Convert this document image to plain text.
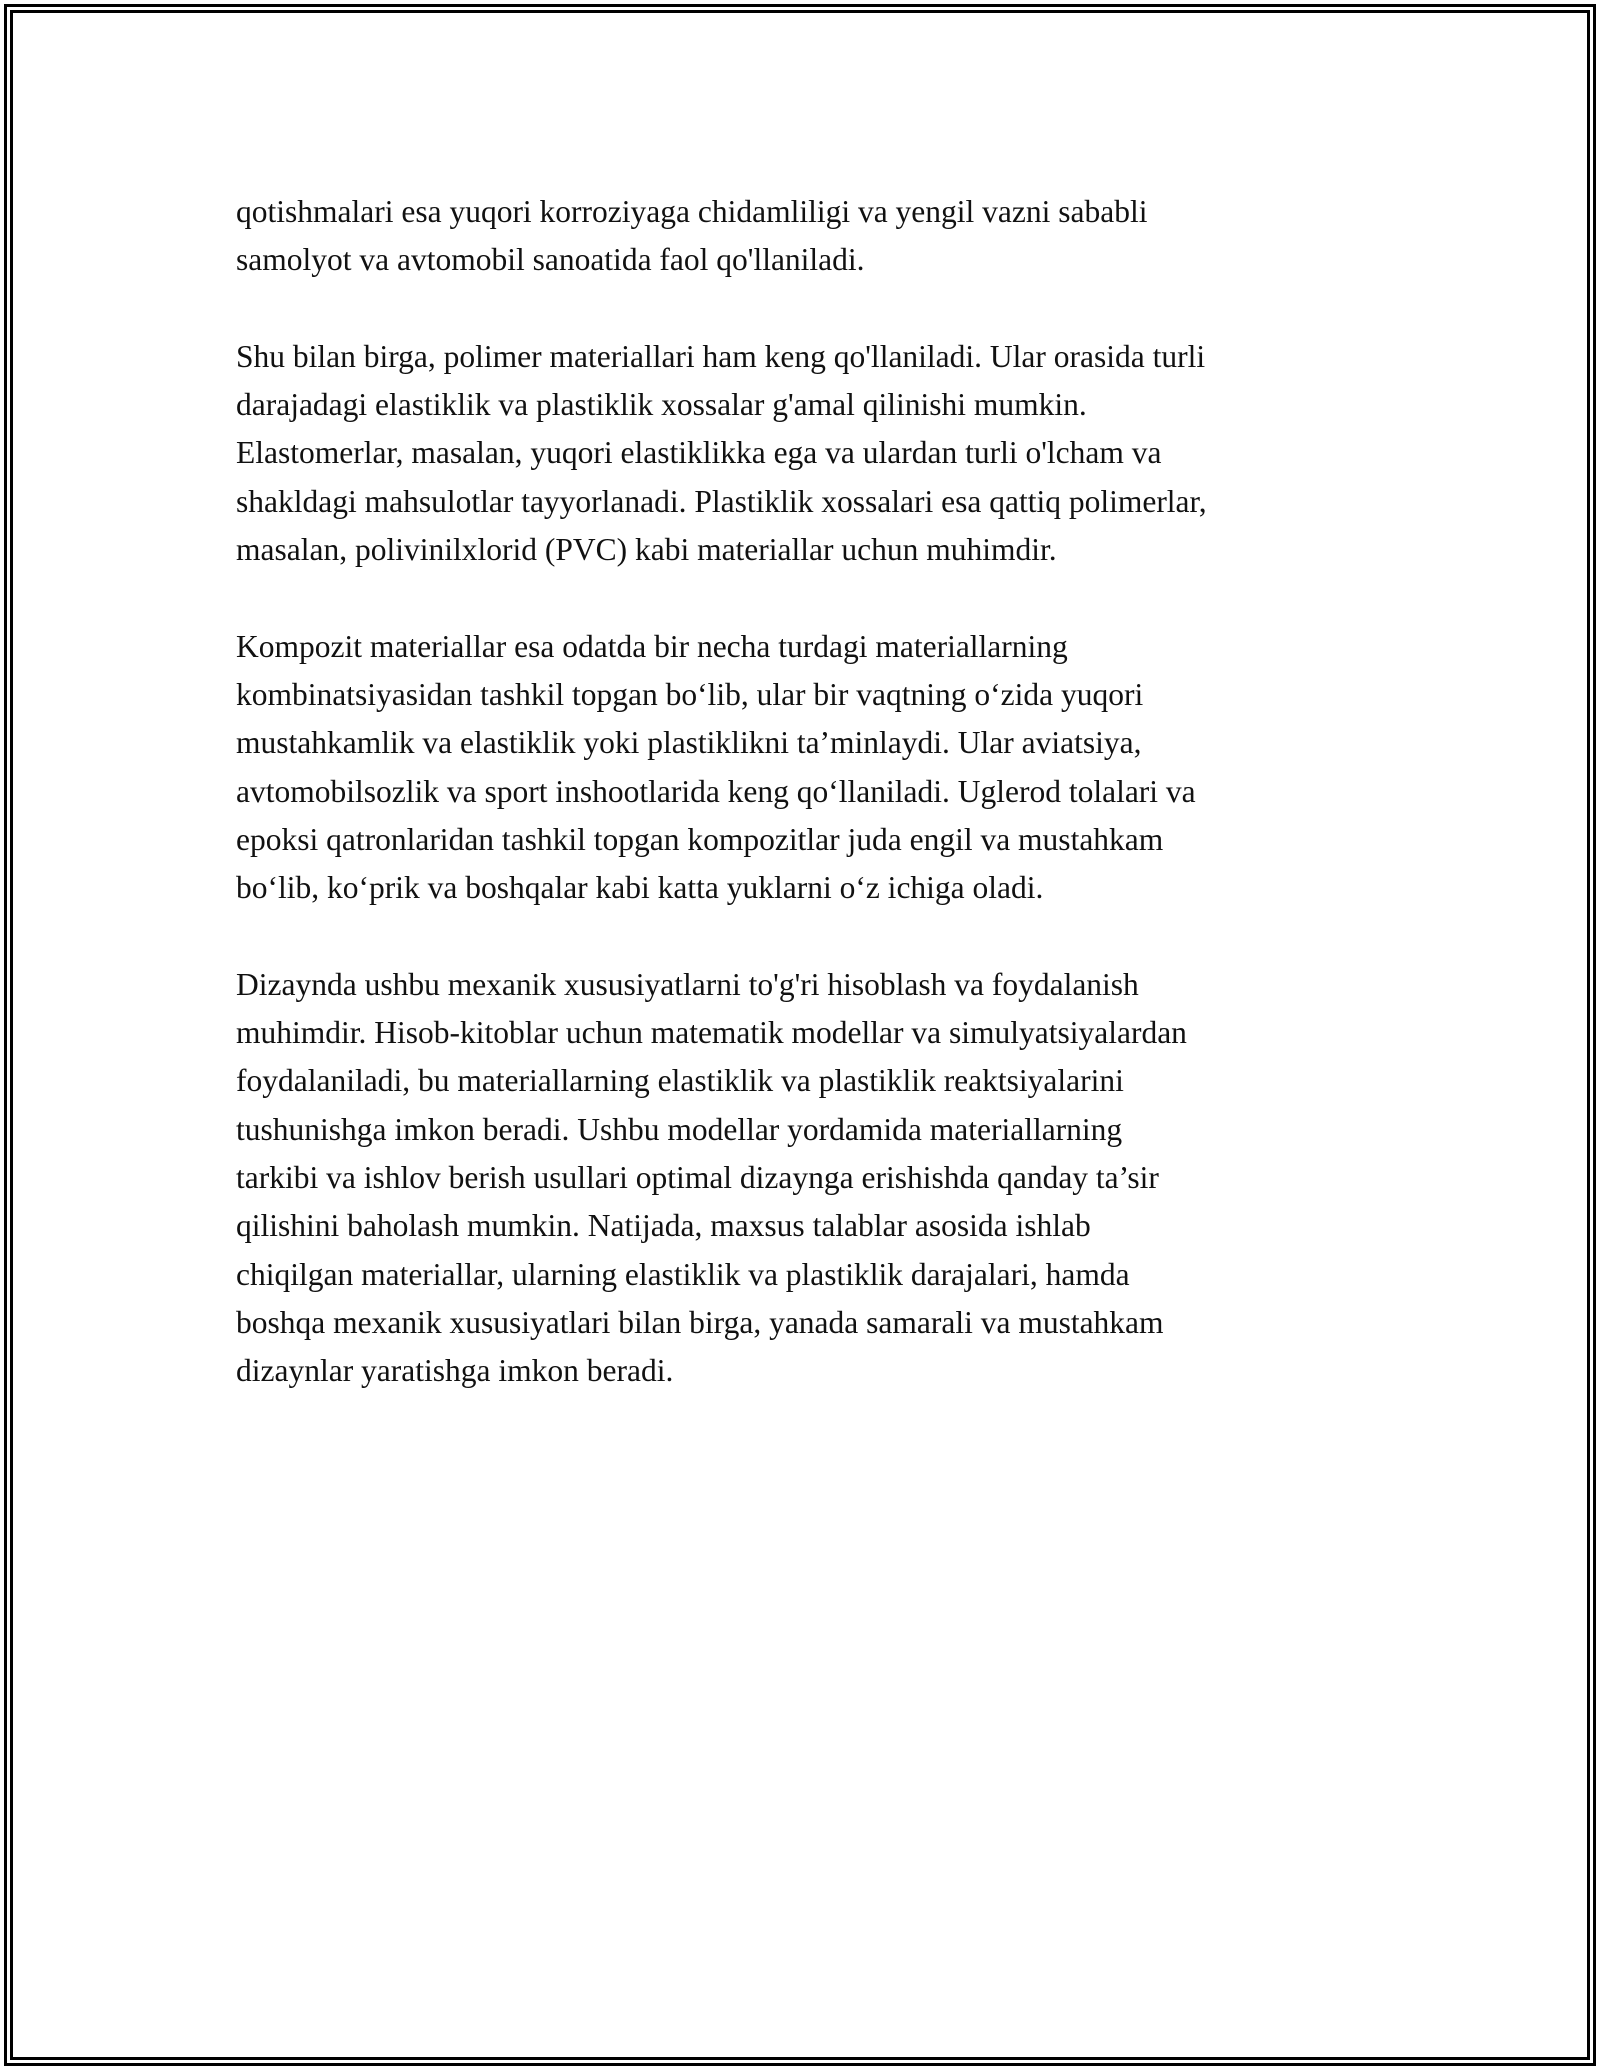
qotishmalari esa yuqori korroziyaga chidamliligi va yengil vazni sababli
samolyot va avtomobil sanoatida faol qo'llaniladi.

Shu bilan birga, polimer materiallari ham keng qo'llaniladi. Ular orasida turli
darajadagi elastiklik va plastiklik xossalar g'amal qilinishi mumkin.
Elastomerlar, masalan, yuqori elastiklikka ega va ulardan turli o'lcham va
shakldagi mahsulotlar tayyorlanadi. Plastiklik xossalari esa qattiq polimerlar,
masalan, polivinilxlorid (PVC) kabi materiallar uchun muhimdir.

Kompozit materiallar esa odatda bir necha turdagi materiallarning
kombinatsiyasidan tashkil topgan bo‘lib, ular bir vaqtning o‘zida yuqori
mustahkamlik va elastiklik yoki plastiklikni ta’minlaydi. Ular aviatsiya,
avtomobilsozlik va sport inshootlarida keng qo‘llaniladi. Uglerod tolalari va
epoksi qatronlaridan tashkil topgan kompozitlar juda engil va mustahkam
bo‘lib, ko‘prik va boshqalar kabi katta yuklarni o‘z ichiga oladi.

Dizaynda ushbu mexanik xususiyatlarni to'g'ri hisoblash va foydalanish
muhimdir. Hisob-kitoblar uchun matematik modellar va simulyatsiyalardan
foydalaniladi, bu materiallarning elastiklik va plastiklik reaktsiyalarini
tushunishga imkon beradi. Ushbu modellar yordamida materiallarning
tarkibi va ishlov berish usullari optimal dizaynga erishishda qanday ta’sir
qilishini baholash mumkin. Natijada, maxsus talablar asosida ishlab
chiqilgan materiallar, ularning elastiklik va plastiklik darajalari, hamda
boshqa mexanik xususiyatlari bilan birga, yanada samarali va mustahkam
dizaynlar yaratishga imkon beradi.
